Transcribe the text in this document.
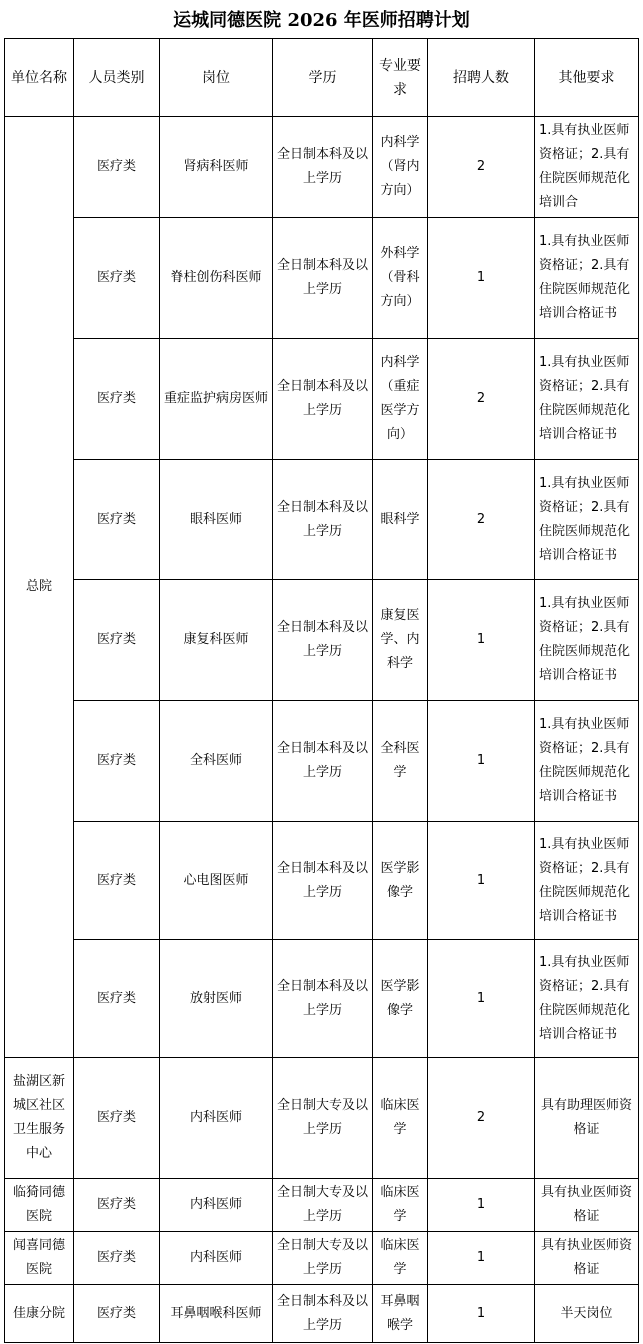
运城同德医院 2026 年医师招聘计划
单位名称	人员类别	岗位	学历	专业要求	招聘人数	其他要求
总院	医疗类	肾病科医师	全日制本科及以上学历	内科学（肾内方向）	2	1.具有执业医师资格证；2.具有住院医师规范化培训合
	医疗类	脊柱创伤科医师	全日制本科及以上学历	外科学（骨科方向）	1	1.具有执业医师资格证；2.具有住院医师规范化培训合格证书
	医疗类	重症监护病房医师	全日制本科及以上学历	内科学（重症医学方向）	2	1.具有执业医师资格证；2.具有住院医师规范化培训合格证书
	医疗类	眼科医师	全日制本科及以上学历	眼科学	2	1.具有执业医师资格证；2.具有住院医师规范化培训合格证书
	医疗类	康复科医师	全日制本科及以上学历	康复医学、内科学	1	1.具有执业医师资格证；2.具有住院医师规范化培训合格证书
	医疗类	全科医师	全日制本科及以上学历	全科医学	1	1.具有执业医师资格证；2.具有住院医师规范化培训合格证书
	医疗类	心电图医师	全日制本科及以上学历	医学影像学	1	1.具有执业医师资格证；2.具有住院医师规范化培训合格证书
	医疗类	放射医师	全日制本科及以上学历	医学影像学	1	1.具有执业医师资格证；2.具有住院医师规范化培训合格证书
盐湖区新城区社区卫生服务中心	医疗类	内科医师	全日制大专及以上学历	临床医学	2	具有助理医师资格证
临猗同德医院	医疗类	内科医师	全日制大专及以上学历	临床医学	1	具有执业医师资格证
闻喜同德医院	医疗类	内科医师	全日制大专及以上学历	临床医学	1	具有执业医师资格证
佳康分院	医疗类	耳鼻咽喉科医师	全日制本科及以上学历	耳鼻咽喉学	1	半天岗位
